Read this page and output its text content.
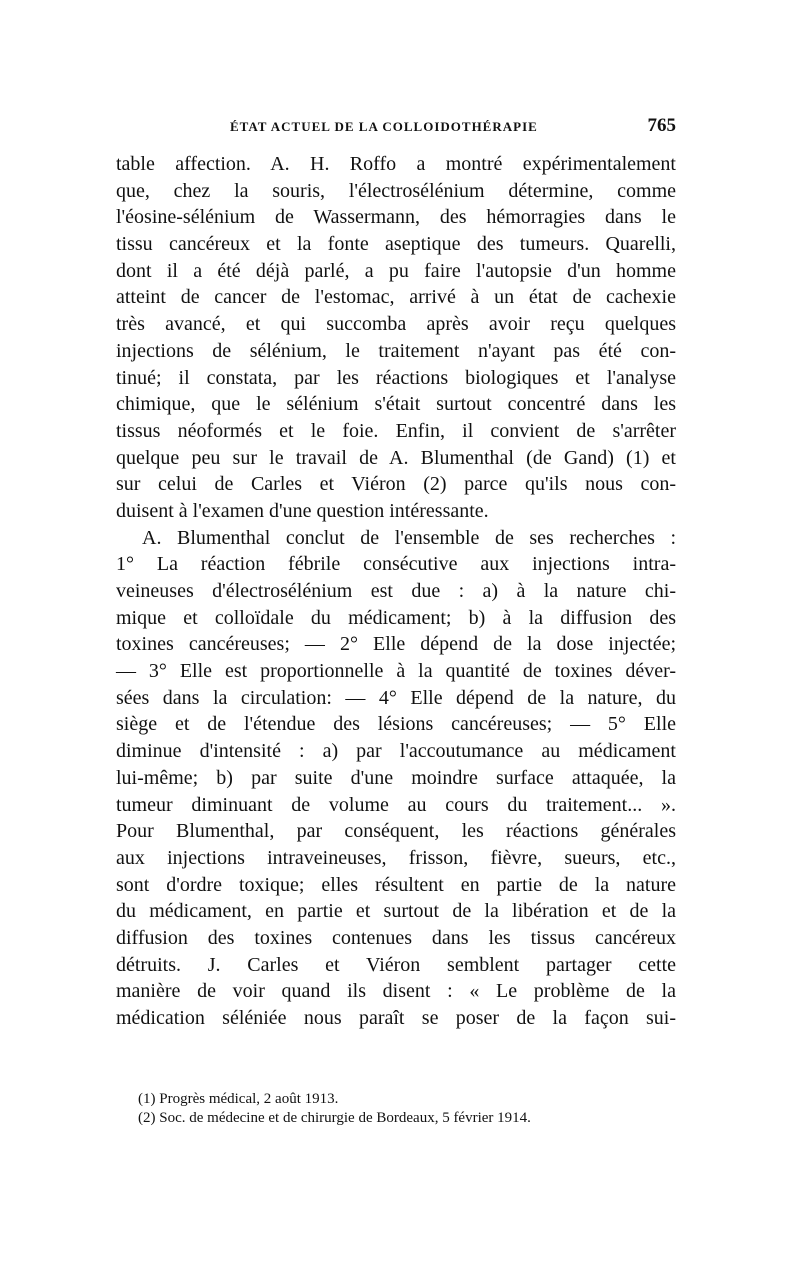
ÉTAT ACTUEL DE LA COLLOIDOTHÉRAPIE	765
table affection. A. H. Roffo a montré expérimentalement
que, chez la souris, l'électrosélénium détermine, comme
l'éosine-sélénium de Wassermann, des hémorragies dans le
tissu cancéreux et la fonte aseptique des tumeurs. Quarelli,
dont il a été déjà parlé, a pu faire l'autopsie d'un homme
atteint de cancer de l'estomac, arrivé à un état de cachexie
très avancé, et qui succomba après avoir reçu quelques
injections de sélénium, le traitement n'ayant pas été con-
tinué; il constata, par les réactions biologiques et l'analyse
chimique, que le sélénium s'était surtout concentré dans les
tissus néoformés et le foie. Enfin, il convient de s'arrêter
quelque peu sur le travail de A. Blumenthal (de Gand) (1) et
sur celui de Carles et Viéron (2) parce qu'ils nous con-
duisent à l'examen d'une question intéressante.
A. Blumenthal conclut de l'ensemble de ses recherches :
1° La réaction fébrile consécutive aux injections intra-
veineuses d'électrosélénium est due : a) à la nature chi-
mique et colloïdale du médicament; b) à la diffusion des
toxines cancéreuses; — 2° Elle dépend de la dose injectée;
— 3° Elle est proportionnelle à la quantité de toxines déver-
sées dans la circulation: — 4° Elle dépend de la nature, du
siège et de l'étendue des lésions cancéreuses; — 5° Elle
diminue d'intensité : a) par l'accoutumance au médicament
lui-même; b) par suite d'une moindre surface attaquée, la
tumeur diminuant de volume au cours du traitement... ».
Pour Blumenthal, par conséquent, les réactions générales
aux injections intraveineuses, frisson, fièvre, sueurs, etc.,
sont d'ordre toxique; elles résultent en partie de la nature
du médicament, en partie et surtout de la libération et de la
diffusion des toxines contenues dans les tissus cancéreux
détruits. J. Carles et Viéron semblent partager cette
manière de voir quand ils disent : « Le problème de la
médication séléniée nous paraît se poser de la façon sui-
(1) Progrès médical, 2 août 1913.
(2) Soc. de médecine et de chirurgie de Bordeaux, 5 février 1914.
